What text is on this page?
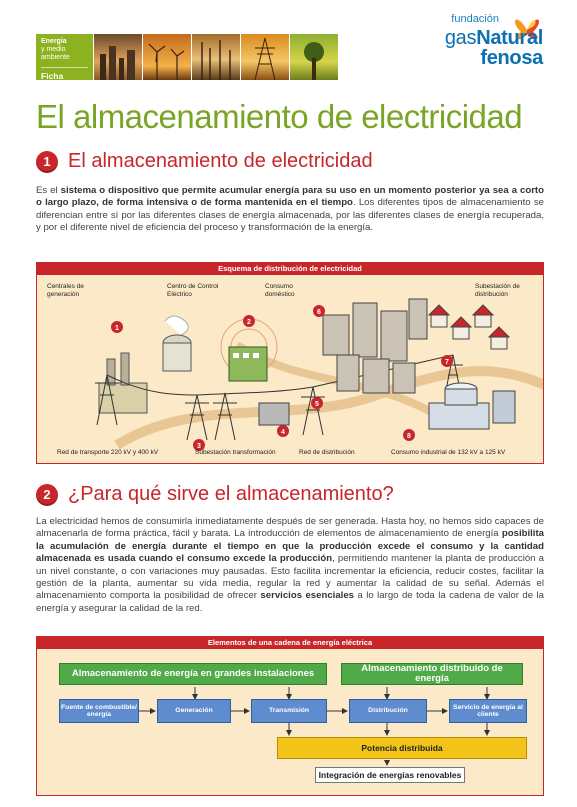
Energía
y medio ambiente
Ficha pedagógica
fundación
gasNatural
fenosa
El almacenamiento de electricidad
1 El almacenamiento de electricidad

Es el sistema o dispositivo que permite acumular energía para su uso en un momento posterior ya sea a corto o largo plazo, de forma intensiva o de forma mantenida en el tiempo. Los diferentes tipos de almacenamiento se diferencian entre sí por las diferentes clases de energía almacenada, por las diferentes clases de energía recuperada, y por el diferente nivel de eficiencia del proceso y transformación de la energía.

Esquema de distribución de electricidad
1
2
3
4
5
6
7
8
Centrales de generación
Centro de Control Eléctrico
Consumo doméstico
Subestación de distribución
Red de transporte 220 kV y 400 kV	Subestación transformación	Red de distribución	Consumo industrial de 132 kV a 125 kV
2 ¿Para qué sirve el almacenamiento?

La electricidad hemos de consumirla inmediatamente después de ser generada. Hasta hoy, no hemos sido capaces de almacenarla de forma práctica, fácil y barata. La introducción de elementos de almacenamiento de energía posibilita la acumulación de energía durante el tiempo en que la producción excede el consumo y la cantidad almacenada es usada cuando el consumo excede la producción, permitiendo mantener la planta de producción a un nivel constante, o con variaciones muy pausadas. Esto facilita incrementar la eficiencia, reducir costes, facilitar la gestión de la planta, aumentar su vida media, regular la red y aumentar la calidad de su señal. Además el almacenamiento comporta la posibilidad de ofrecer servicios esenciales a lo largo de toda la cadena de valor de la energía y asegurar la calidad de la red.

Elementos de una cadena de energía eléctrica
Almacenamiento de energía en grandes instalaciones	Almacenamiento distribuido de energía
Fuente de combustible/ energía
Generación	Transmisión	Distribución
Servicio de energía al cliente
Potencia distribuida
Integración de energías renovables
